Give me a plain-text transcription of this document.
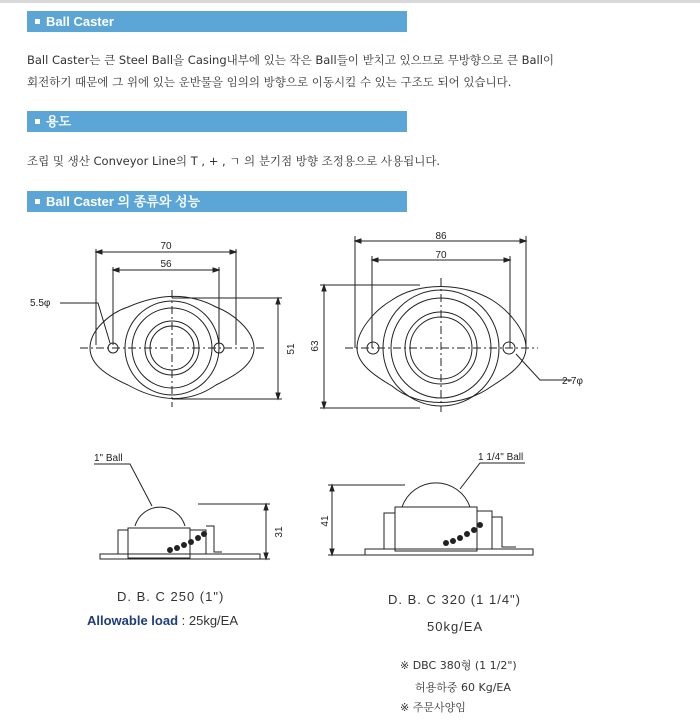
Ball Caster
Ball Caster는 큰 Steel Ball을 Casing내부에 있는 작은 Ball들이 받치고 있으므로 무방향으로 큰 Ball이
회전하기 때문에 그 위에 있는 운반물을 임의의 방향으로 이동시킬 수 있는 구조도 되어 있습니다.
용도
조립 및 생산 Conveyor Line의 T , + , ㄱ 의 분기점 방향 조정용으로 사용됩니다.
Ball Caster 의 종류와 성능
70
56
51
5.5φ
86
70
63
2-7φ
1" Ball
31
1 1/4" Ball
41
D. B. C 250 (1")
Allowable load : 25kg/EA
D. B. C 320 (1 1/4")
50kg/EA
※ DBC 380형 (1 1/2")
허용하중 60 Kg/EA
※ 주문사양임
